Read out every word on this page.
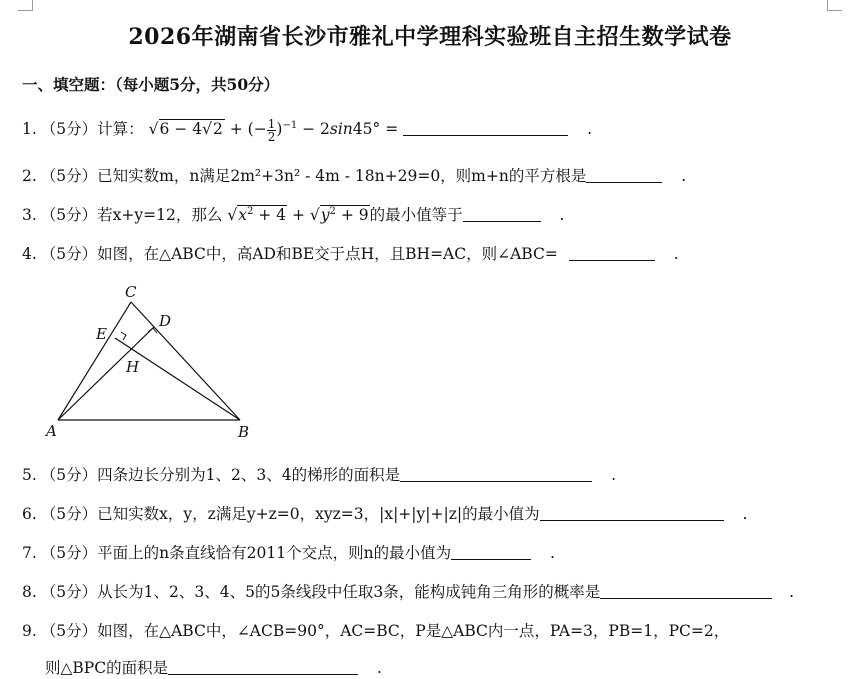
2026年湖南省长沙市雅礼中学理科实验班自主招生数学试卷
一、填空题：（每小题5分，共50分）
1. （5分）计算： √6 − 4√2 + (− $\frac{1}{2} )^{-1} - 2\sin 45^\circ$ =	.
2. （5分）已知实数m，n满足2m²+3n² - 4m - 18n+29=0，则m+n的平方根是	.
3. （5分）若x+y=12，那么 $√x^2 + 4 + √y^2 + 9$的最小值等于	.
4. （5分）如图，在△ABC中，高AD和BE交于点H，且BH=AC，则∠ABC=	.
C
D
E
H
A	B
5. （5分）四条边长分别为1、2、3、4的梯形的面积是	.
6. （5分）已知实数x，y，z满足y+z=0，xyz=3，|x|+|y|+|z|的最小值为	.
7. （5分）平面上的n条直线恰有2011个交点，则n的最小值为	.
8. （5分）从长为1、2、3、4、5的5条线段中任取3条，能构成钝角三角形的概率是	.
9. （5分）如图，在△ABC中，∠ACB=90°，AC=BC，P是△ABC内一点，PA=3，PB=1，PC=2，
则△BPC的面积是	.
